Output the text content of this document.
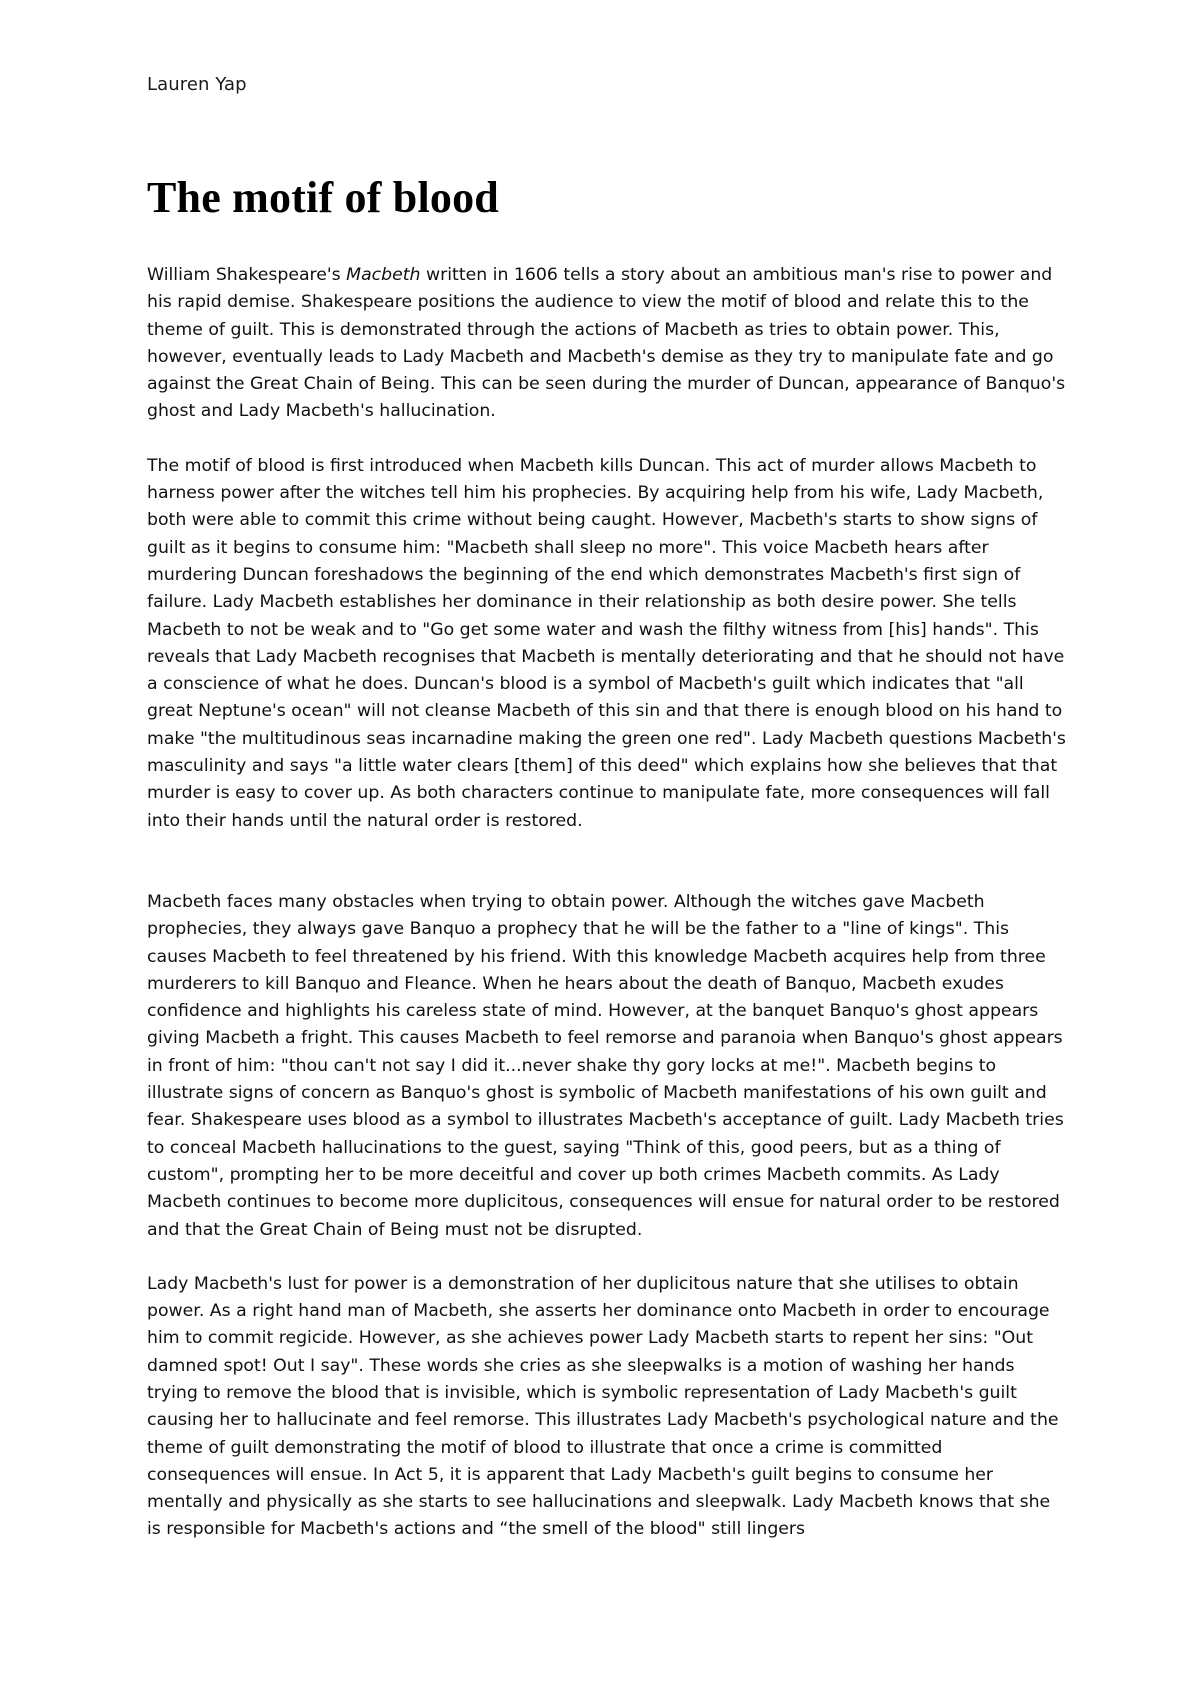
Lauren Yap
The motif of blood

William Shakespeare's Macbeth written in 1606 tells a story about an ambitious man's rise to power and his rapid demise. Shakespeare positions the audience to view the motif of blood and relate this to the theme of guilt. This is demonstrated through the actions of Macbeth as tries to obtain power. This, however, eventually leads to Lady Macbeth and Macbeth's demise as they try to manipulate fate and go against the Great Chain of Being. This can be seen during the murder of Duncan, appearance of Banquo's ghost and Lady Macbeth's hallucination.

The motif of blood is first introduced when Macbeth kills Duncan. This act of murder allows Macbeth to harness power after the witches tell him his prophecies. By acquiring help from his wife, Lady Macbeth, both were able to commit this crime without being caught. However, Macbeth's starts to show signs of guilt as it begins to consume him: "Macbeth shall sleep no more". This voice Macbeth hears after murdering Duncan foreshadows the beginning of the end which demonstrates Macbeth's first sign of failure. Lady Macbeth establishes her dominance in their relationship as both desire power. She tells Macbeth to not be weak and to "Go get some water and wash the filthy witness from [his] hands". This reveals that Lady Macbeth recognises that Macbeth is mentally deteriorating and that he should not have a conscience of what he does. Duncan's blood is a symbol of Macbeth's guilt which indicates that "all great Neptune's ocean" will not cleanse Macbeth of this sin and that there is enough blood on his hand to make "the multitudinous seas incarnadine making the green one red". Lady Macbeth questions Macbeth's masculinity and says "a little water clears [them] of this deed" which explains how she believes that that murder is easy to cover up. As both characters continue to manipulate fate, more consequences will fall into their hands until the natural order is restored.

Macbeth faces many obstacles when trying to obtain power. Although the witches gave Macbeth prophecies, they always gave Banquo a prophecy that he will be the father to a "line of kings". This causes Macbeth to feel threatened by his friend. With this knowledge Macbeth acquires help from three murderers to kill Banquo and Fleance. When he hears about the death of Banquo, Macbeth exudes confidence and highlights his careless state of mind. However, at the banquet Banquo's ghost appears giving Macbeth a fright. This causes Macbeth to feel remorse and paranoia when Banquo's ghost appears in front of him: "thou can't not say I did it...never shake thy gory locks at me!". Macbeth begins to illustrate signs of concern as Banquo's ghost is symbolic of Macbeth manifestations of his own guilt and fear. Shakespeare uses blood as a symbol to illustrates Macbeth's acceptance of guilt. Lady Macbeth tries to conceal Macbeth hallucinations to the guest, saying "Think of this, good peers, but as a thing of custom", prompting her to be more deceitful and cover up both crimes Macbeth commits. As Lady Macbeth continues to become more duplicitous, consequences will ensue for natural order to be restored and that the Great Chain of Being must not be disrupted.

Lady Macbeth's lust for power is a demonstration of her duplicitous nature that she utilises to obtain power. As a right hand man of Macbeth, she asserts her dominance onto Macbeth in order to encourage him to commit regicide. However, as she achieves power Lady Macbeth starts to repent her sins: "Out damned spot! Out I say". These words she cries as she sleepwalks is a motion of washing her hands trying to remove the blood that is invisible, which is symbolic representation of Lady Macbeth's guilt causing her to hallucinate and feel remorse. This illustrates Lady Macbeth's psychological nature and the theme of guilt demonstrating the motif of blood to illustrate that once a crime is committed consequences will ensue. In Act 5, it is apparent that Lady Macbeth's guilt begins to consume her mentally and physically as she starts to see hallucinations and sleepwalk. Lady Macbeth knows that she is responsible for Macbeth's actions and “the smell of the blood" still lingers
